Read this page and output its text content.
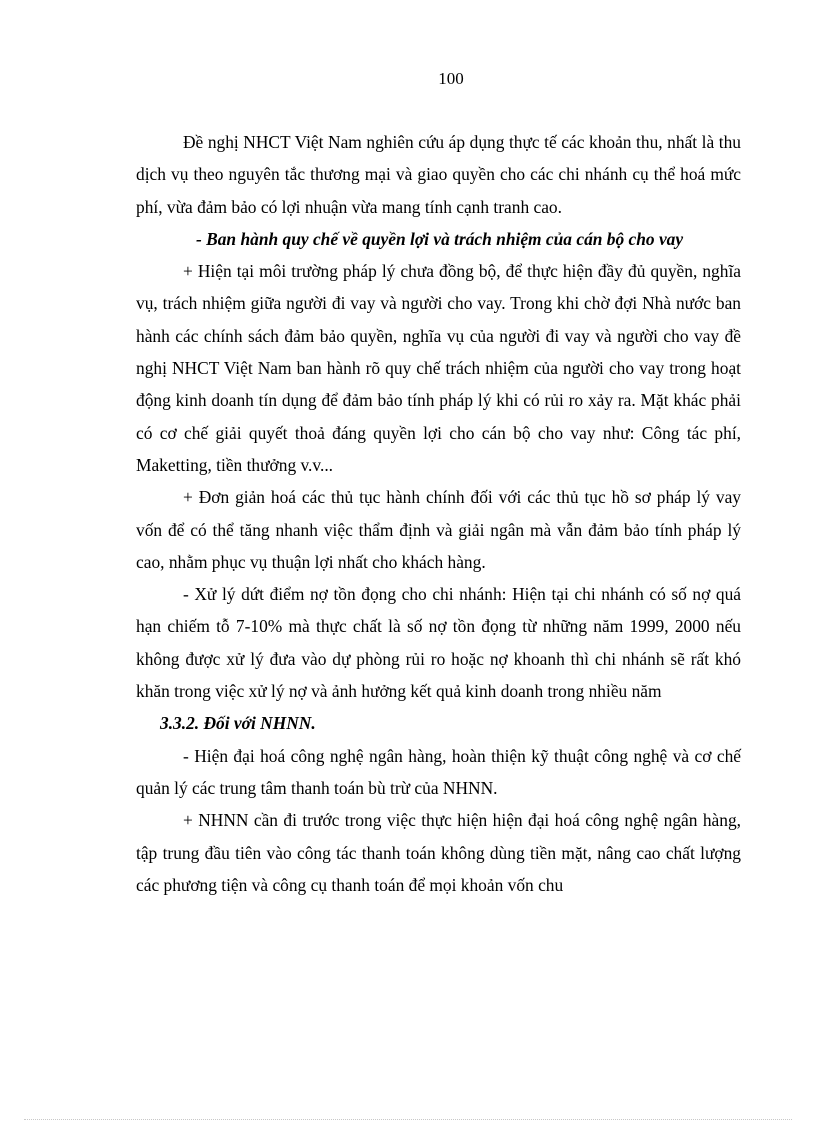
100

Đề nghị NHCT Việt Nam nghiên cứu áp dụng thực tế các khoản thu, nhất là thu dịch vụ theo nguyên tắc thương mại và giao quyền cho các chi nhánh cụ thể hoá mức phí, vừa đảm bảo có lợi nhuận vừa mang tính cạnh tranh cao.

- Ban hành quy chế về quyền lợi và trách nhiệm của cán bộ cho vay

+ Hiện tại môi trường pháp lý chưa đồng bộ, để thực hiện đầy đủ quyền, nghĩa vụ, trách nhiệm giữa người đi vay và người cho vay. Trong khi chờ đợi Nhà nước ban hành các chính sách đảm bảo quyền, nghĩa vụ của người đi vay và người cho vay đề nghị NHCT Việt Nam ban hành rõ quy chế trách nhiệm của người cho vay trong hoạt động kinh doanh tín dụng để đảm bảo tính pháp lý khi có rủi ro xảy ra. Mặt khác phải có cơ chế giải quyết thoả đáng quyền lợi cho cán bộ cho vay như: Công tác phí, Maketting, tiền thưởng v.v...

+ Đơn giản hoá các thủ tục hành chính đối với các thủ tục hồ sơ pháp lý vay vốn để có thể tăng nhanh việc thẩm định và giải ngân mà vẫn đảm bảo tính pháp lý cao, nhằm phục vụ thuận lợi nhất cho khách hàng.

- Xử lý dứt điểm nợ tồn đọng cho chi nhánh: Hiện tại chi nhánh có số nợ quá hạn chiếm tỗ 7-10% mà thực chất là số nợ tồn đọng từ những năm 1999, 2000 nếu không được xử lý đưa vào dự phòng rủi ro hoặc nợ khoanh thì chi nhánh sẽ rất khó khăn trong việc xử lý nợ và ảnh hưởng kết quả kinh doanh trong nhiều năm

3.3.2. Đối với NHNN.

- Hiện đại hoá công nghệ ngân hàng, hoàn thiện kỹ thuật công nghệ và cơ chế quản lý các trung tâm thanh toán bù trừ của NHNN.

+ NHNN cần đi trước trong việc thực hiện hiện đại hoá công nghệ ngân hàng, tập trung đầu tiên vào công tác thanh toán không dùng tiền mặt, nâng cao chất lượng các phương tiện và công cụ thanh toán để mọi khoản vốn chu
